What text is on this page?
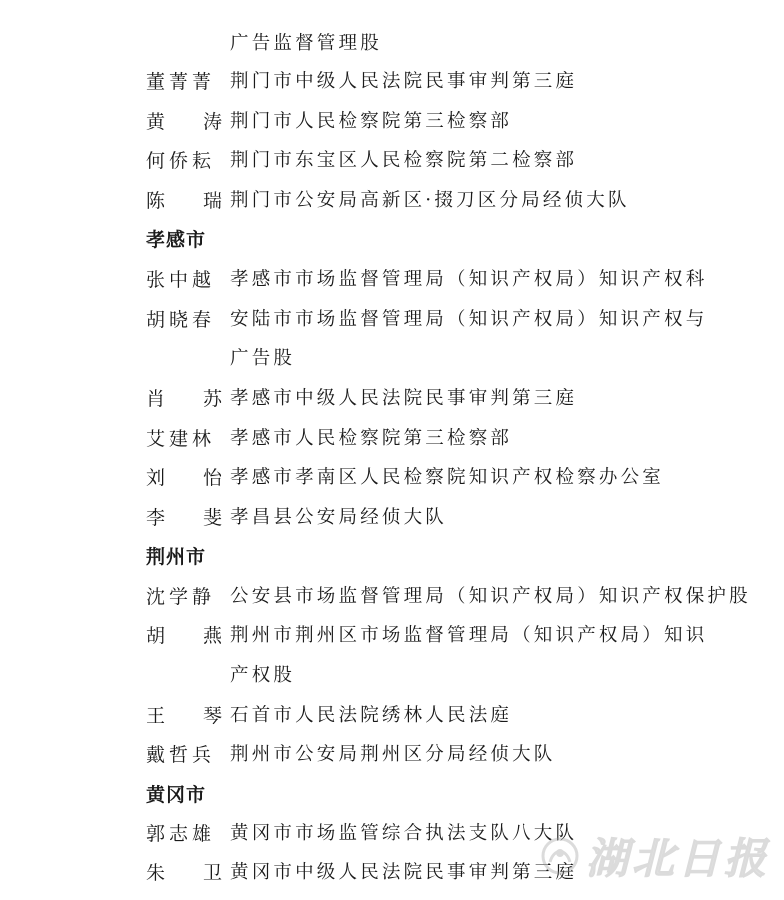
广告监督管理股
董菁菁 荆门市中级人民法院民事审判第三庭
黄　　涛 荆门市人民检察院第三检察部
何侨耘 荆门市东宝区人民检察院第二检察部
陈　　瑞 荆门市公安局高新区·掇刀区分局经侦大队
孝感市
张中越 孝感市市场监督管理局（知识产权局）知识产权科
胡晓春 安陆市市场监督管理局（知识产权局）知识产权与
广告股
肖　　苏 孝感市中级人民法院民事审判第三庭
艾建林 孝感市人民检察院第三检察部
刘　　怡 孝感市孝南区人民检察院知识产权检察办公室
李　　斐 孝昌县公安局经侦大队
荆州市
沈学静 公安县市场监督管理局（知识产权局）知识产权保护股
胡　　燕 荆州市荆州区市场监督管理局（知识产权局）知识
产权股
王　　琴 石首市人民法院绣林人民法庭
戴哲兵 荆州市公安局荆州区分局经侦大队
黄冈市
郭志雄 黄冈市市场监管综合执法支队八大队
朱　　卫 黄冈市中级人民法院民事审判第三庭 湖北日报
